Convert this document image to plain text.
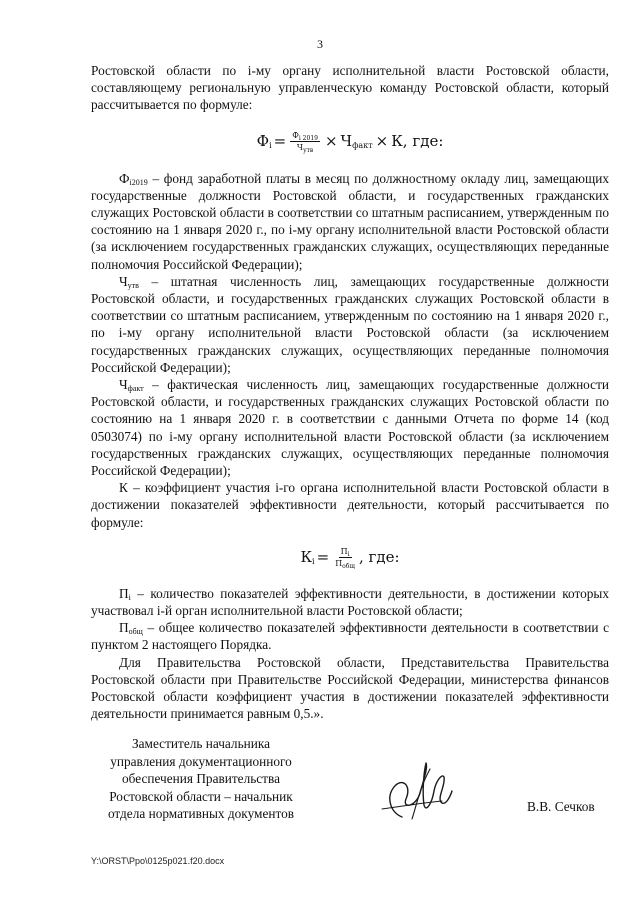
3

Ростовской области по i-му органу исполнительной власти Ростовской области, составляющему региональную управленческую команду Ростовской области, который рассчитывается по формуле:

$Ф_i = \frac{Ф_{i 2019}}{Ч_{утв}} \times Ч_{факт} \times К$, где:

$Ф_{i2019}$ – фонд заработной платы в месяц по должностному окладу лиц, замещающих государственные должности Ростовской области, и государственных гражданских служащих Ростовской области в соответствии со штатным расписанием, утвержденным по состоянию на 1 января 2020 г., по i-му органу исполнительной власти Ростовской области (за исключением государственных гражданских служащих, осуществляющих переданные полномочия Российской Федерации);

$Ч_{утв}$ – штатная численность лиц, замещающих государственные должности Ростовской области, и государственных гражданских служащих Ростовской области в соответствии со штатным расписанием, утвержденным по состоянию на 1 января 2020 г., по i-му органу исполнительной власти Ростовской области (за исключением государственных гражданских служащих, осуществляющих переданные полномочия Российской Федерации);

$Ч_{факт}$ – фактическая численность лиц, замещающих государственные должности Ростовской области, и государственных гражданских служащих Ростовской области по состоянию на 1 января 2020 г. в соответствии с данными Отчета по форме 14 (код 0503074) по i-му органу исполнительной власти Ростовской области (за исключением государственных гражданских служащих, осуществляющих переданные полномочия Российской Федерации);

К – коэффициент участия i-го органа исполнительной власти Ростовской области в достижении показателей эффективности деятельности, который рассчитывается по формуле:

$К_i = \frac{П_i}{П_{общ}}$ , где:

$П_i$ – количество показателей эффективности деятельности, в достижении которых участвовал i-й орган исполнительной власти Ростовской области;

$П_{общ}$ – общее количество показателей эффективности деятельности в соответствии с пунктом 2 настоящего Порядка.

Для Правительства Ростовской области, Представительства Правительства Ростовской области при Правительстве Российской Федерации, министерства финансов Ростовской области коэффициент участия в достижении показателей эффективности деятельности принимается равным 0,5.».

Заместитель начальника
управления документационного
обеспечения Правительства
Ростовской области – начальник
отдела нормативных документов	В.В. Сечков
Y:\ORST\Ppo\0125p021.f20.docx
